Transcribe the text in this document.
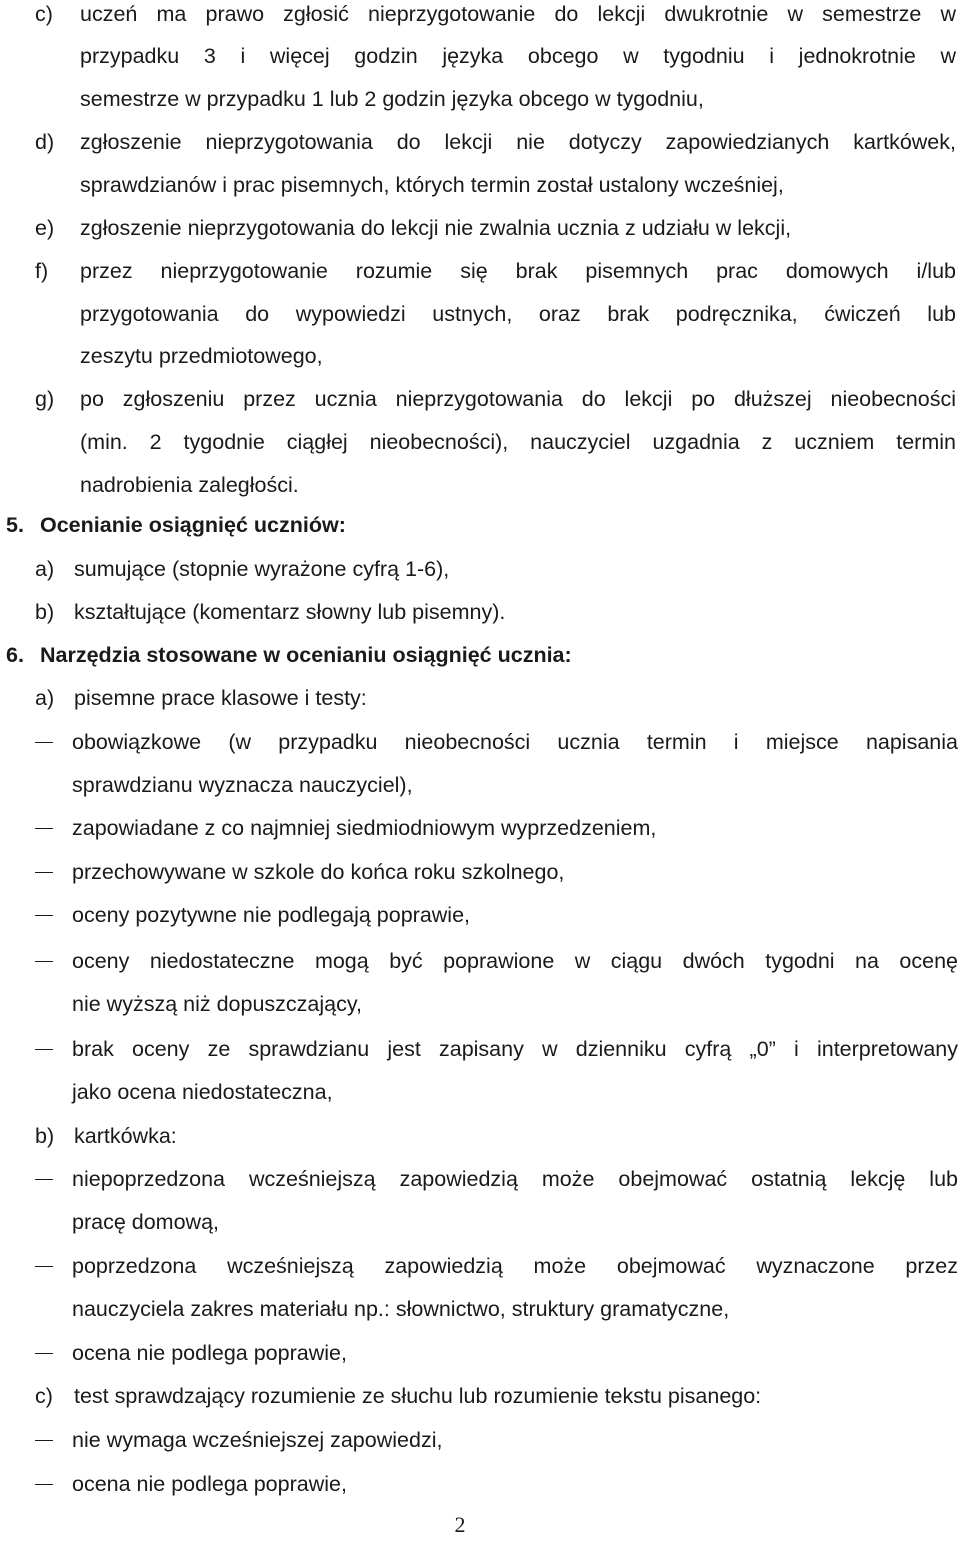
c) uczeń ma prawo zgłosić nieprzygotowanie do lekcji dwukrotnie w semestrze w
przypadku 3 i więcej godzin języka obcego w tygodniu i jednokrotnie w
semestrze w przypadku 1 lub 2 godzin języka obcego w tygodniu,
d) zgłoszenie nieprzygotowania do lekcji nie dotyczy zapowiedzianych kartkówek,
sprawdzianów i prac pisemnych, których termin został ustalony wcześniej,
e) zgłoszenie nieprzygotowania do lekcji nie zwalnia ucznia z udziału w lekcji,
f) przez nieprzygotowanie rozumie się brak pisemnych prac domowych i/lub
przygotowania do wypowiedzi ustnych, oraz brak podręcznika, ćwiczeń lub
zeszytu przedmiotowego,
g) po zgłoszeniu przez ucznia nieprzygotowania do lekcji po dłuższej nieobecności
(min. 2 tygodnie ciągłej nieobecności), nauczyciel uzgadnia z uczniem termin
nadrobienia zaległości.
5. Ocenianie osiągnięć uczniów:
a) sumujące (stopnie wyrażone cyfrą 1-6),
b) kształtujące (komentarz słowny lub pisemny).
6. Narzędzia stosowane w ocenianiu osiągnięć ucznia:
a) pisemne prace klasowe i testy:
obowiązkowe (w przypadku nieobecności ucznia termin i miejsce napisania
sprawdzianu wyznacza nauczyciel),
zapowiadane z co najmniej siedmiodniowym wyprzedzeniem,
przechowywane w szkole do końca roku szkolnego,
oceny pozytywne nie podlegają poprawie,
oceny niedostateczne mogą być poprawione w ciągu dwóch tygodni na ocenę
nie wyższą niż dopuszczający,
brak oceny ze sprawdzianu jest zapisany w dzienniku cyfrą „0” i interpretowany
jako ocena niedostateczna,
b) kartkówka:
niepoprzedzona wcześniejszą zapowiedzią może obejmować ostatnią lekcję lub
pracę domową,
poprzedzona wcześniejszą zapowiedzią może obejmować wyznaczone przez
nauczyciela zakres materiału np.: słownictwo, struktury gramatyczne,
ocena nie podlega poprawie,
c) test sprawdzający rozumienie ze słuchu lub rozumienie tekstu pisanego:
nie wymaga wcześniejszej zapowiedzi,
ocena nie podlega poprawie,
2
